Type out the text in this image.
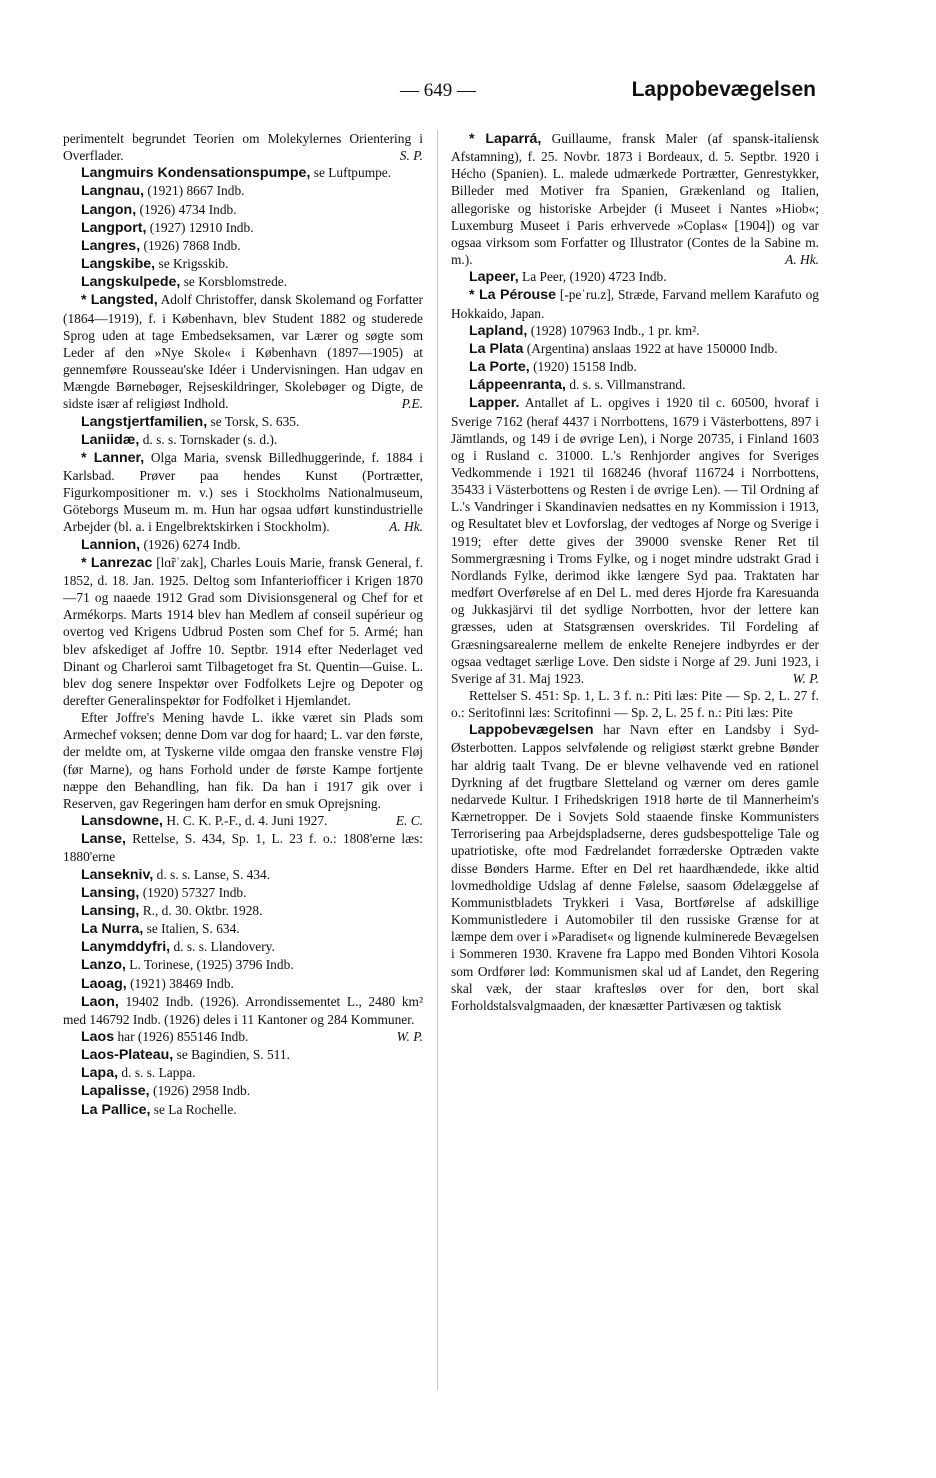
— 649 —	Lappobevægelsen

perimentelt begrundet Teorien om Molekylernes Orientering i Overflader.	S. P.

Langmuirs Kondensationspumpe, se Luftpumpe.

Langnau, (1921) 8667 Indb.

Langon, (1926) 4734 Indb.

Langport, (1927) 12910 Indb.

Langres, (1926) 7868 Indb.

Langskibe, se Krigsskib.

Langskulpede, se Korsblomstrede.

* Langsted, Adolf Christoffer, dansk Skolemand og Forfatter (1864—1919), f. i København, blev Student 1882 og studerede Sprog uden at tage Embedseksamen, var Lærer og søgte som Leder af den »Nye Skole« i København (1897—1905) at gennemføre Rousseau'ske Idéer i Undervisningen. Han udgav en Mængde Børnebøger, Rejseskildringer, Skolebøger og Digte, de sidste især af religiøst Indhold.	P.E.

Langstjertfamilien, se Torsk, S. 635.

Laniidæ, d. s. s. Tornskader (s. d.).

* Lanner, Olga Maria, svensk Billedhuggerinde, f. 1884 i Karlsbad. Prøver paa hendes Kunst (Portrætter, Figurkompositioner m. v.) ses i Stockholms Nationalmuseum, Göteborgs Museum m. m. Hun har ogsaa udført kunstindustrielle Arbejder (bl. a. i Engelbrektskirken i Stockholm).	A. Hk.

Lannion, (1926) 6274 Indb.

* Lanrezac [lɑ̃rˈzak], Charles Louis Marie, fransk General, f. 1852, d. 18. Jan. 1925. Deltog som Infanteriofficer i Krigen 1870—71 og naaede 1912 Grad som Divisionsgeneral og Chef for et Armékorps. Marts 1914 blev han Medlem af conseil supérieur og overtog ved Krigens Udbrud Posten som Chef for 5. Armé; han blev afskediget af Joffre 10. Septbr. 1914 efter Nederlaget ved Dinant og Charleroi samt Tilbagetoget fra St. Quentin—Guise. L. blev dog senere Inspektør over Fodfolkets Lejre og Depoter og derefter Generalinspektør for Fodfolket i Hjemlandet.

Efter Joffre's Mening havde L. ikke været sin Plads som Armechef voksen; denne Dom var dog for haard; L. var den første, der meldte om, at Tyskerne vilde omgaa den franske venstre Fløj (før Marne), og hans Forhold under de første Kampe fortjente næppe den Behandling, han fik. Da han i 1917 gik over i Reserven, gav Regeringen ham derfor en smuk Oprejsning.
E. C.

Lansdowne, H. C. K. P.-F., d. 4. Juni 1927.

Lanse, Rettelse, S. 434, Sp. 1, L. 23 f. o.: 1808'erne læs: 1880'erne

Lansekniv, d. s. s. Lanse, S. 434.

Lansing, (1920) 57327 Indb.

Lansing, R., d. 30. Oktbr. 1928.

La Nurra, se Italien, S. 634.

Lanymddyfri, d. s. s. Llandovery.

Lanzo, L. Torinese, (1925) 3796 Indb.

Laoag, (1921) 38469 Indb.

Laon, 19402 Indb. (1926). Arrondissementet L., 2480 km² med 146792 Indb. (1926) deles i 11 Kantoner og 284 Kommuner.
W. P.

Laos har (1926) 855146 Indb.

Laos-Plateau, se Bagindien, S. 511.

Lapa, d. s. s. Lappa.

Lapalisse, (1926) 2958 Indb.

La Pallice, se La Rochelle.

* Laparrá, Guillaume, fransk Maler (af spansk-italiensk Afstamning), f. 25. Novbr. 1873 i Bordeaux, d. 5. Septbr. 1920 i Hécho (Spanien). L. malede udmærkede Portrætter, Genrestykker, Billeder med Motiver fra Spanien, Grækenland og Italien, allegoriske og historiske Arbejder (i Museet i Nantes »Hiob«; Luxemburg Museet i Paris erhvervede »Coplas« [1904]) og var ogsaa virksom som Forfatter og Illustrator (Contes de la Sabine m. m.).	A. Hk.

Lapeer, La Peer, (1920) 4723 Indb.

* La Pérouse [-peˈru.z], Stræde, Farvand mellem Karafuto og Hokkaido, Japan.

Lapland, (1928) 107963 Indb., 1 pr. km².

La Plata (Argentina) anslaas 1922 at have 150000 Indb.

La Porte, (1920) 15158 Indb.

Láppeenranta, d. s. s. Villmanstrand.

Lapper. Antallet af L. opgives i 1920 til c. 60500, hvoraf i Sverige 7162 (heraf 4437 i Norrbottens, 1679 i Västerbottens, 897 i Jämtlands, og 149 i de øvrige Len), i Norge 20735, i Finland 1603 og i Rusland c. 31000. L.'s Renhjorder angives for Sveriges Vedkommende i 1921 til 168246 (hvoraf 116724 i Norrbottens, 35433 i Västerbottens og Resten i de øvrige Len). — Til Ordning af L.'s Vandringer i Skandinavien nedsattes en ny Kommission i 1913, og Resultatet blev et Lovforslag, der vedtoges af Norge og Sverige i 1919; efter dette gives der 39000 svenske Rener Ret til Sommergræsning i Troms Fylke, og i noget mindre udstrakt Grad i Nordlands Fylke, derimod ikke længere Syd paa. Traktaten har medført Overførelse af en Del L. med deres Hjorde fra Karesuanda og Jukkasjärvi til det sydlige Norrbotten, hvor der lettere kan græsses, uden at Statsgrænsen overskrides. Til Fordeling af Græsningsarealerne mellem de enkelte Renejere indbyrdes er der ogsaa vedtaget særlige Love. Den sidste i Norge af 29. Juni 1923, i Sverige af 31. Maj 1923.	W. P.

Rettelser S. 451: Sp. 1, L. 3 f. n.: Piti læs: Pite — Sp. 2, L. 27 f. o.: Seritofinni læs: Scritofinni — Sp. 2, L. 25 f. n.: Piti læs: Pite

Lappobevægelsen har Navn efter en Landsby i Syd-Østerbotten. Lappos selvfølende og religiøst stærkt grebne Bønder har aldrig taalt Tvang. De er blevne velhavende ved en rationel Dyrkning af det frugtbare Sletteland og værner om deres gamle nedarvede Kultur. I Frihedskrigen 1918 hørte de til Mannerheim's Kærnetropper. De i Sovjets Sold staaende finske Kommunisters Terrorisering paa Arbejdspladserne, deres gudsbespottelige Tale og upatriotiske, ofte mod Fædrelandet forræderske Optræden vakte disse Bønders Harme. Efter en Del ret haardhændede, ikke altid lovmedholdige Udslag af denne Følelse, saasom Ødelæggelse af Kommunistbladets Trykkeri i Vasa, Bortførelse af adskillige Kommunistledere i Automobiler til den russiske Grænse for at læmpe dem over i »Paradiset« og lignende kulminerede Bevægelsen i Sommeren 1930. Kravene fra Lappo med Bonden Vihtori Kosola som Ordfører lød: Kommunismen skal ud af Landet, den Regering skal væk, der staar kraftesløs over for den, bort skal Forholdstalsvalgmaaden, der knæsætter Partivæsen og taktisk
